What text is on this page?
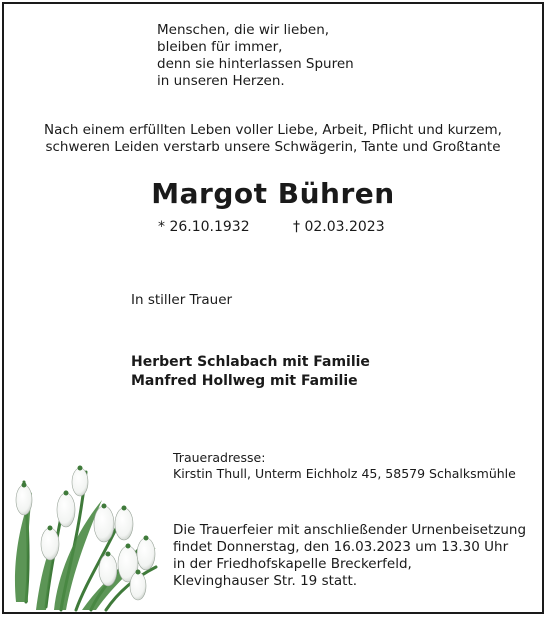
Menschen, die wir lieben,
bleiben für immer,
denn sie hinterlassen Spuren
in unseren Herzen.
Nach einem erfüllten Leben voller Liebe, Arbeit, Pflicht und kurzem,
schweren Leiden verstarb unsere Schwägerin, Tante und Großtante
Margot Bühren
* 26.10.1932	† 02.03.2023
In stiller Trauer
Herbert Schlabach mit Familie
Manfred Hollweg mit Familie
Traueradresse:
Kirstin Thull, Unterm Eichholz 45, 58579 Schalksmühle
Die Trauerfeier mit anschließender Urnenbeisetzung
findet Donnerstag, den 16.03.2023 um 13.30 Uhr
in der Friedhofskapelle Breckerfeld,
Klevinghauser Str. 19 statt.
